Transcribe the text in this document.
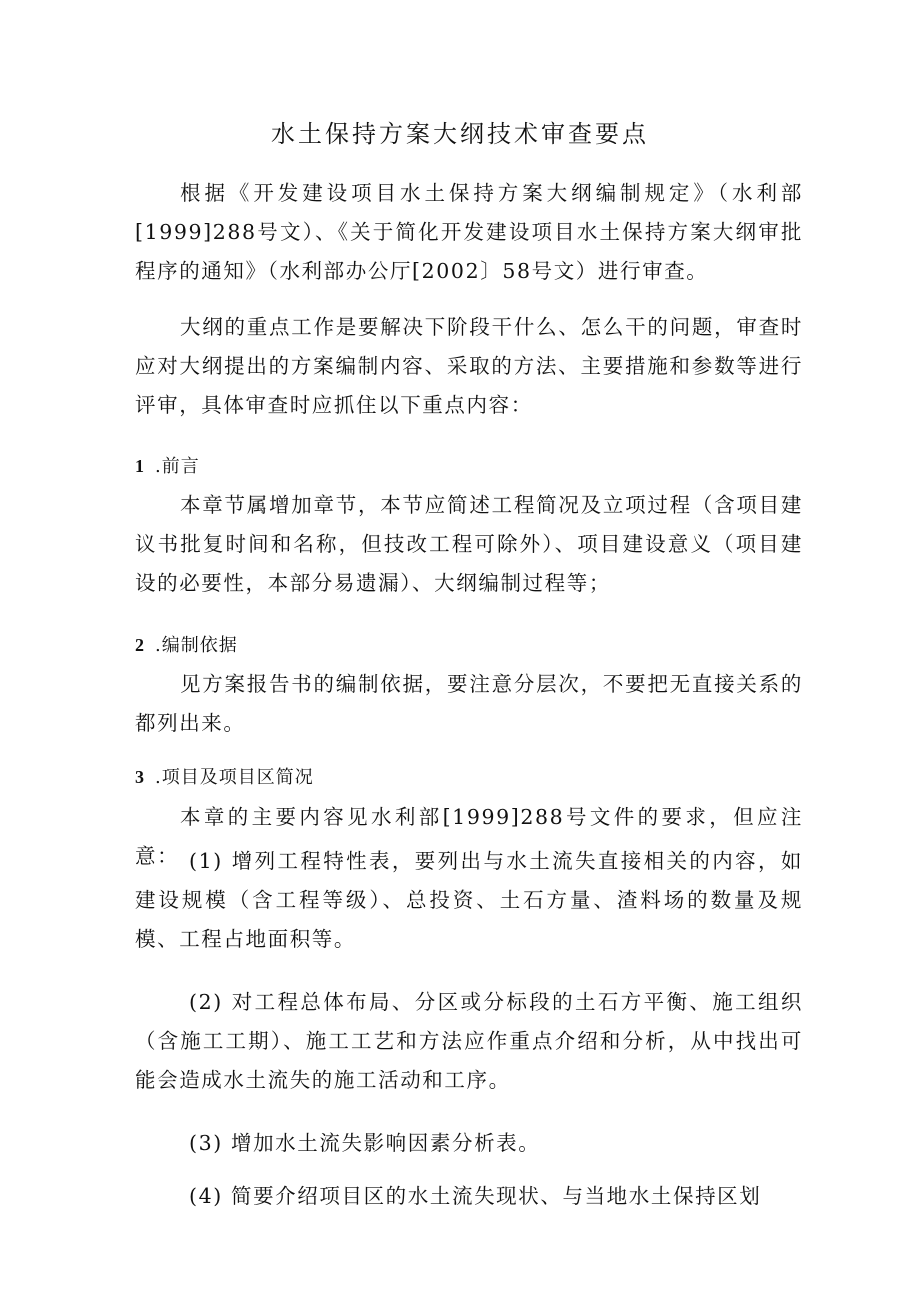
水土保持方案大纲技术审查要点

根据《开发建设项目水土保持方案大纲编制规定》（水利部[1999]288号文）、《关于简化开发建设项目水土保持方案大纲审批程序的通知》（水利部办公厅[2002〕58号文）进行审查。

大纲的重点工作是要解决下阶段干什么、怎么干的问题，审查时应对大纲提出的方案编制内容、采取的方法、主要措施和参数等进行评审，具体审查时应抓住以下重点内容：

1 .前言

本章节属增加章节，本节应简述工程简况及立项过程（含项目建议书批复时间和名称，但技改工程可除外）、项目建设意义（项目建设的必要性，本部分易遗漏）、大纲编制过程等；

2 .编制依据

见方案报告书的编制依据，要注意分层次，不要把无直接关系的都列出来。

3 .项目及项目区简况

本章的主要内容见水利部[1999]288号文件的要求，但应注意： (1) 增列工程特性表，要列出与水土流失直接相关的内容，如建设规模（含工程等级）、总投资、土石方量、渣料场的数量及规模、工程占地面积等。

(2) 对工程总体布局、分区或分标段的土石方平衡、施工组织（含施工工期）、施工工艺和方法应作重点介绍和分析，从中找出可能会造成水土流失的施工活动和工序。

(3) 增加水土流失影响因素分析表。

(4) 简要介绍项目区的水土流失现状、与当地水土保持区划
